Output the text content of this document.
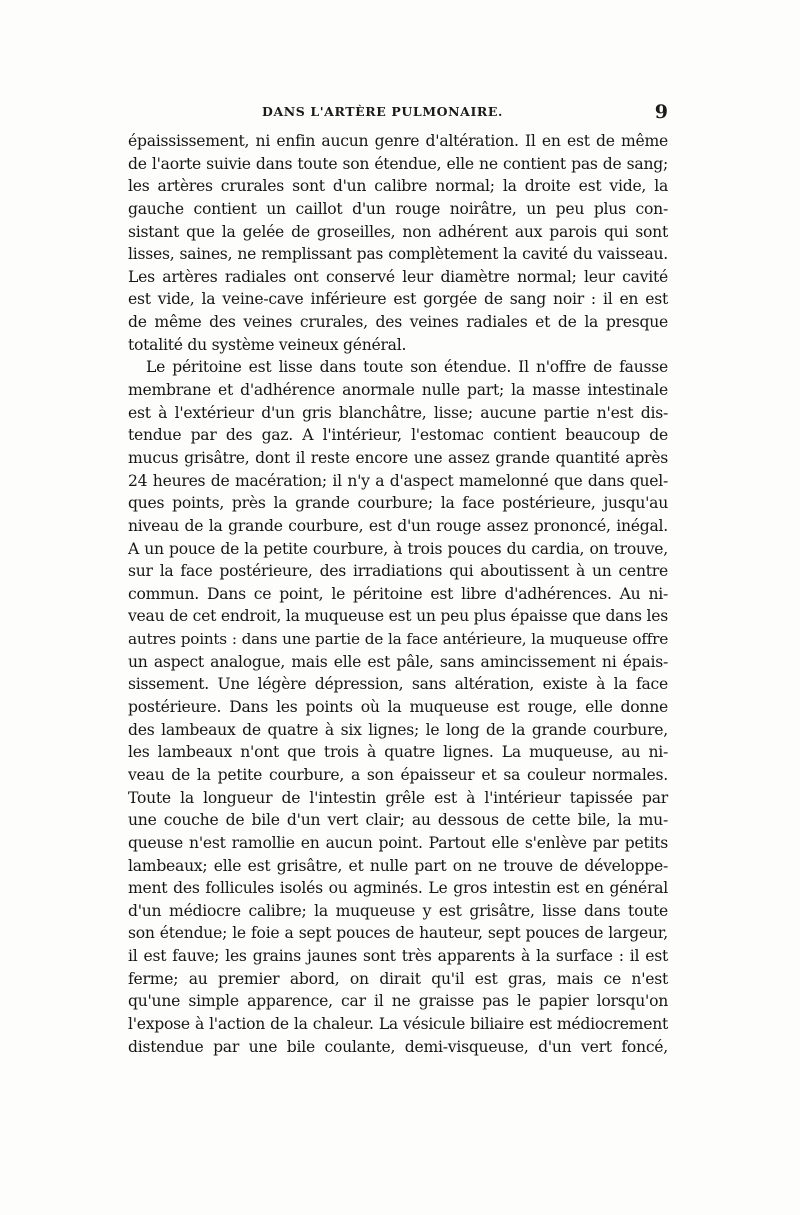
DANS L'ARTÈRE PULMONAIRE.	9
épaississement, ni enfin aucun genre d'altération. Il en est de même
de l'aorte suivie dans toute son étendue, elle ne contient pas de sang;
les artères crurales sont d'un calibre normal; la droite est vide, la
gauche contient un caillot d'un rouge noirâtre, un peu plus con-
sistant que la gelée de groseilles, non adhérent aux parois qui sont
lisses, saines, ne remplissant pas complètement la cavité du vaisseau.
Les artères radiales ont conservé leur diamètre normal; leur cavité
est vide, la veine-cave inférieure est gorgée de sang noir : il en est
de même des veines crurales, des veines radiales et de la presque
totalité du système veineux général.
Le péritoine est lisse dans toute son étendue. Il n'offre de fausse
membrane et d'adhérence anormale nulle part; la masse intestinale
est à l'extérieur d'un gris blanchâtre, lisse; aucune partie n'est dis-
tendue par des gaz. A l'intérieur, l'estomac contient beaucoup de
mucus grisâtre, dont il reste encore une assez grande quantité après
24 heures de macération; il n'y a d'aspect mamelonné que dans quel-
ques points, près la grande courbure; la face postérieure, jusqu'au
niveau de la grande courbure, est d'un rouge assez prononcé, inégal.
A un pouce de la petite courbure, à trois pouces du cardia, on trouve,
sur la face postérieure, des irradiations qui aboutissent à un centre
commun. Dans ce point, le péritoine est libre d'adhérences. Au ni-
veau de cet endroit, la muqueuse est un peu plus épaisse que dans les
autres points : dans une partie de la face antérieure, la muqueuse offre
un aspect analogue, mais elle est pâle, sans amincissement ni épais-
sissement. Une légère dépression, sans altération, existe à la face
postérieure. Dans les points où la muqueuse est rouge, elle donne
des lambeaux de quatre à six lignes; le long de la grande courbure,
les lambeaux n'ont que trois à quatre lignes. La muqueuse, au ni-
veau de la petite courbure, a son épaisseur et sa couleur normales.
Toute la longueur de l'intestin grêle est à l'intérieur tapissée par
une couche de bile d'un vert clair; au dessous de cette bile, la mu-
queuse n'est ramollie en aucun point. Partout elle s'enlève par petits
lambeaux; elle est grisâtre, et nulle part on ne trouve de développe-
ment des follicules isolés ou agminés. Le gros intestin est en général
d'un médiocre calibre; la muqueuse y est grisâtre, lisse dans toute
son étendue; le foie a sept pouces de hauteur, sept pouces de largeur,
il est fauve; les grains jaunes sont très apparents à la surface : il est
ferme; au premier abord, on dirait qu'il est gras, mais ce n'est
qu'une simple apparence, car il ne graisse pas le papier lorsqu'on
l'expose à l'action de la chaleur. La vésicule biliaire est médiocrement
distendue par une bile coulante, demi-visqueuse, d'un vert foncé,
